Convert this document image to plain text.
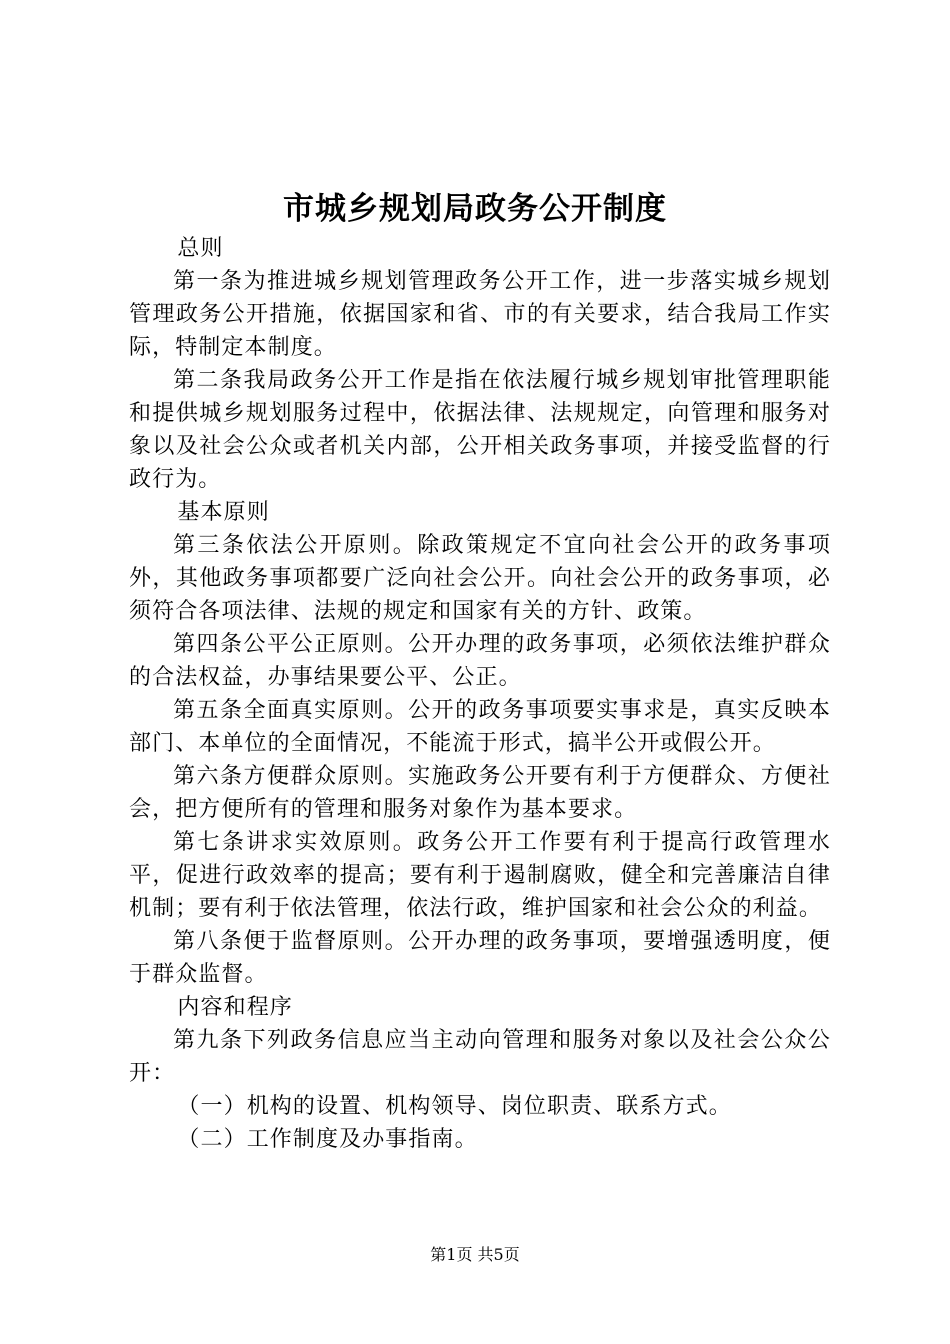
市城乡规划局政务公开制度

总则

第一条为推进城乡规划管理政务公开工作，进一步落实城乡规划管理政务公开措施，依据国家和省、市的有关要求，结合我局工作实际，特制定本制度。

第二条我局政务公开工作是指在依法履行城乡规划审批管理职能和提供城乡规划服务过程中，依据法律、法规规定，向管理和服务对象以及社会公众或者机关内部，公开相关政务事项，并接受监督的行政行为。

基本原则

第三条依法公开原则。除政策规定不宜向社会公开的政务事项外，其他政务事项都要广泛向社会公开。向社会公开的政务事项，必须符合各项法律、法规的规定和国家有关的方针、政策。

第四条公平公正原则。公开办理的政务事项，必须依法维护群众的合法权益，办事结果要公平、公正。

第五条全面真实原则。公开的政务事项要实事求是，真实反映本部门、本单位的全面情况，不能流于形式，搞半公开或假公开。

第六条方便群众原则。实施政务公开要有利于方便群众、方便社会，把方便所有的管理和服务对象作为基本要求。

第七条讲求实效原则。政务公开工作要有利于提高行政管理水平，促进行政效率的提高；要有利于遏制腐败，健全和完善廉洁自律机制；要有利于依法管理，依法行政，维护国家和社会公众的利益。

第八条便于监督原则。公开办理的政务事项，要增强透明度，便于群众监督。

内容和程序

第九条下列政务信息应当主动向管理和服务对象以及社会公众公开：

（一）机构的设置、机构领导、岗位职责、联系方式。

（二）工作制度及办事指南。

第1页 共5页
